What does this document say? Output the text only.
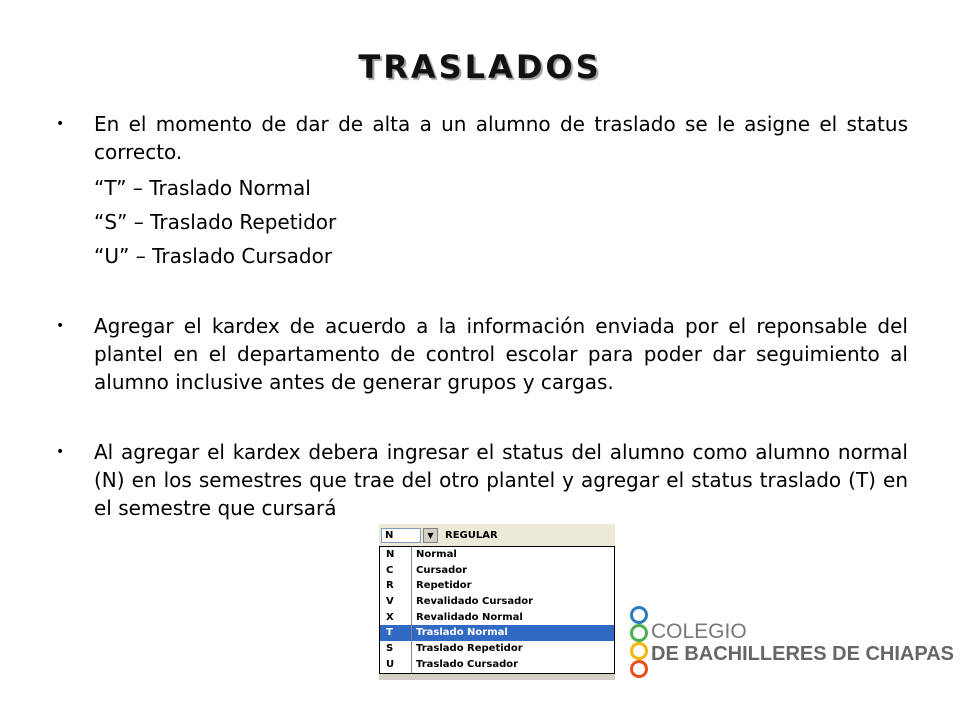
TRASLADOS
• En el momento de dar de alta a un alumno de traslado se le asigne el status correcto.
“T” – Traslado Normal
“S” – Traslado Repetidor
“U” – Traslado Cursador
• Agregar el kardex de acuerdo a la información enviada por el reponsable del plantel en el departamento de control escolar para poder dar seguimiento al alumno inclusive antes de generar grupos y cargas.
• Al agregar el kardex debera ingresar el status del alumno como alumno normal (N) en los semestres que trae del otro plantel y agregar el status traslado (T) en el semestre que cursará
N	▼	REGULAR
N Normal
C Cursador
R Repetidor
V Revalidado Cursador
X Revalidado Normal
T Traslado Normal
S Traslado Repetidor
U Traslado Cursador
COLEGIO
DE BACHILLERES DE CHIAPAS
